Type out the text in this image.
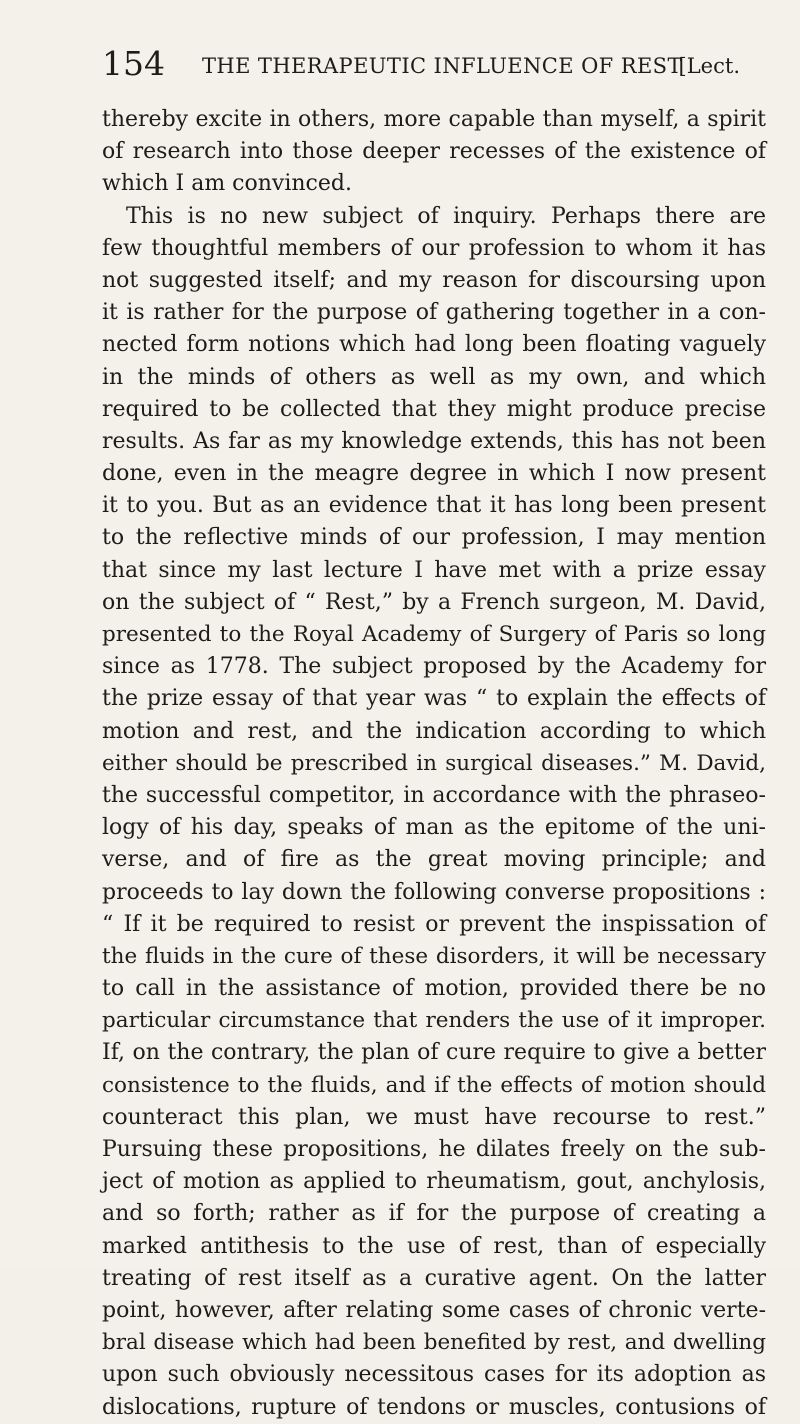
154 THE THERAPEUTIC INFLUENCE OF REST
[Lect.
thereby excite in others, more capable than myself, a spirit
of research into those deeper recesses of the existence of
which I am convinced.
This is no new subject of inquiry. Perhaps there are
few thoughtful members of our profession to whom it has
not suggested itself; and my reason for discoursing upon
it is rather for the purpose of gathering together in a con-
nected form notions which had long been floating vaguely
in the minds of others as well as my own, and which
required to be collected that they might produce precise
results. As far as my knowledge extends, this has not been
done, even in the meagre degree in which I now present
it to you. But as an evidence that it has long been present
to the reflective minds of our profession, I may mention
that since my last lecture I have met with a prize essay
on the subject of “ Rest,” by a French surgeon, M. David,
presented to the Royal Academy of Surgery of Paris so long
since as 1778. The subject proposed by the Academy for
the prize essay of that year was “ to explain the effects of
motion and rest, and the indication according to which
either should be prescribed in surgical diseases.” M. David,
the successful competitor, in accordance with the phraseo-
logy of his day, speaks of man as the epitome of the uni-
verse, and of fire as the great moving principle; and
proceeds to lay down the following converse propositions :
“ If it be required to resist or prevent the inspissation of
the fluids in the cure of these disorders, it will be necessary
to call in the assistance of motion, provided there be no
particular circumstance that renders the use of it improper.
If, on the contrary, the plan of cure require to give a better
consistence to the fluids, and if the effects of motion should
counteract this plan, we must have recourse to rest.”
Pursuing these propositions, he dilates freely on the sub-
ject of motion as applied to rheumatism, gout, anchylosis,
and so forth; rather as if for the purpose of creating a
marked antithesis to the use of rest, than of especially
treating of rest itself as a curative agent. On the latter
point, however, after relating some cases of chronic verte-
bral disease which had been benefited by rest, and dwelling
upon such obviously necessitous cases for its adoption as
dislocations, rupture of tendons or muscles, contusions of
